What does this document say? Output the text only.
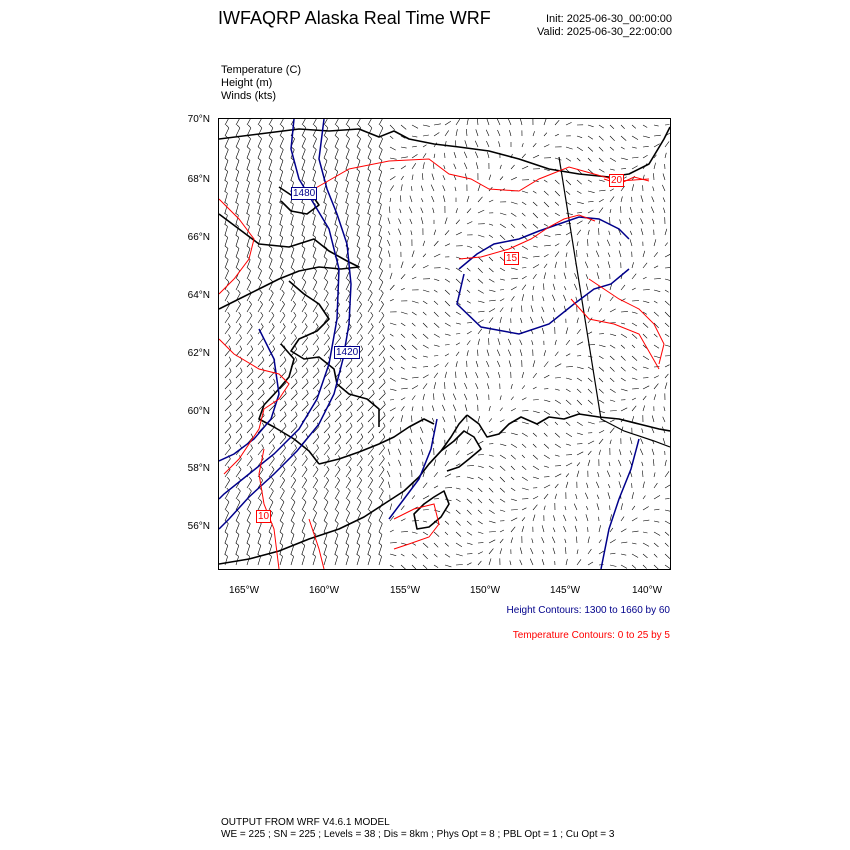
IWFAQRP Alaska Real Time WRF	Init: 2025-06-30_00:00:00
Valid: 2025-06-30_22:00:00
Temperature (C)
Height (m)
Winds (kts)
1480
1420
15
10
20
70°N
68°N
66°N
64°N
62°N
60°N
58°N
56°N
165°W	160°W	155°W	150°W	145°W	140°W
Height Contours: 1300 to 1660 by 60
Temperature Contours: 0 to 25 by 5
OUTPUT FROM WRF V4.6.1 MODEL
WE = 225 ; SN = 225 ; Levels = 38 ; Dis = 8km ; Phys Opt = 8 ; PBL Opt = 1 ; Cu Opt = 3
